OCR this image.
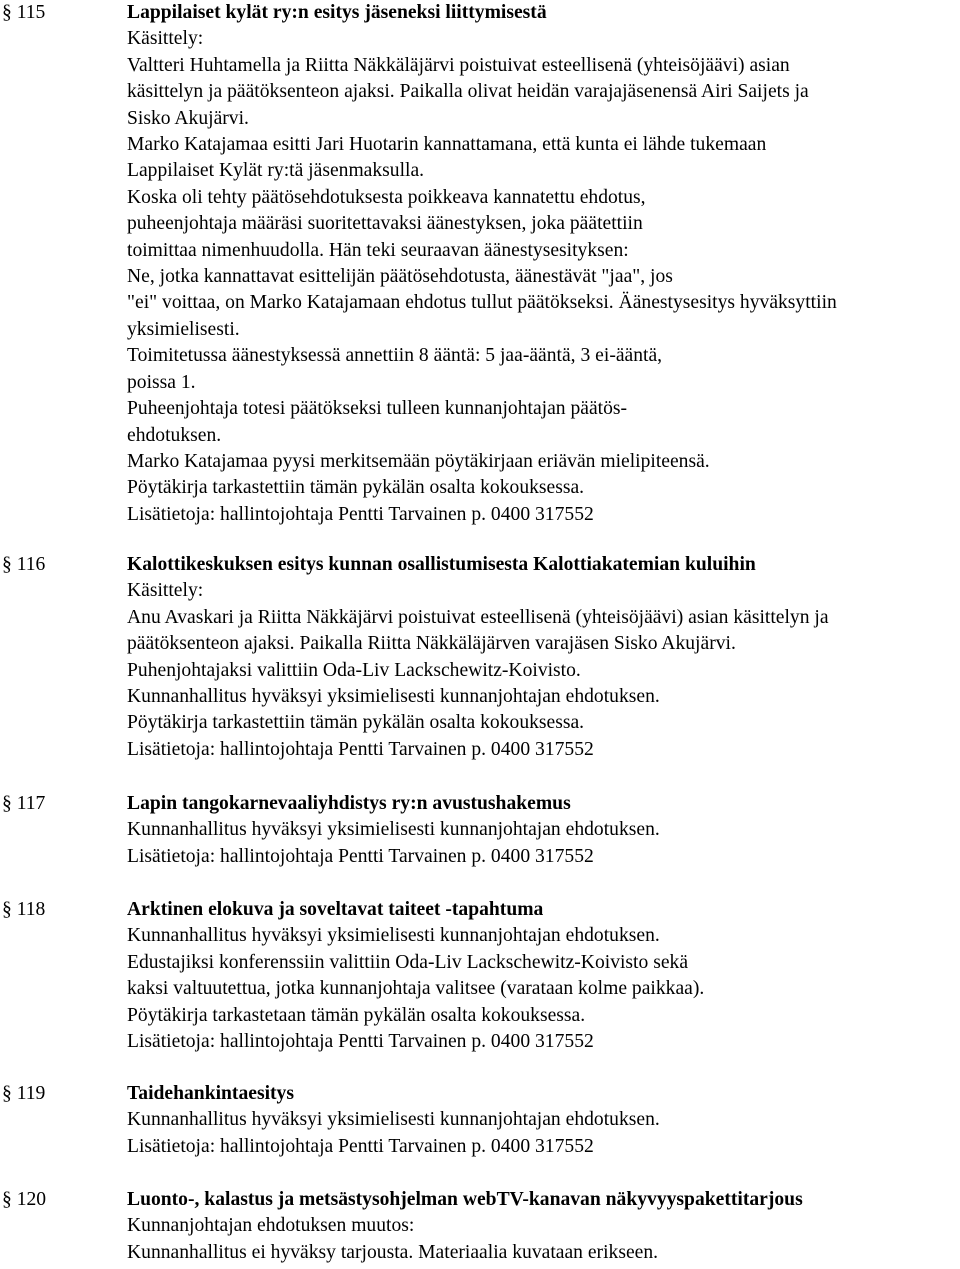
§ 115	Lappilaiset kylät ry:n esitys jäseneksi liittymisestä
Käsittely:
Valtteri Huhtamella ja Riitta Näkkäläjärvi poistuivat esteellisenä (yhteisöjäävi) asian
käsittelyn ja päätöksenteon ajaksi. Paikalla olivat heidän varajajäsenensä Airi Saijets ja
Sisko Akujärvi.
Marko Katajamaa esitti Jari Huotarin kannattamana, että kunta ei lähde tukemaan
Lappilaiset Kylät ry:tä jäsenmaksulla.
Koska oli tehty päätösehdotuksesta poikkeava kannatettu ehdotus,
puheenjohtaja määräsi suoritettavaksi äänestyksen, joka päätettiin
toimittaa nimenhuudolla. Hän teki seuraavan äänestysesityksen:
Ne, jotka kannattavat esittelijän päätösehdotusta, äänestävät "jaa", jos
"ei" voittaa, on Marko Katajamaan ehdotus tullut päätökseksi. Äänestysesitys hyväksyttiin
yksimielisesti.
Toimitetussa äänestyksessä annettiin 8 ääntä: 5 jaa-ääntä, 3 ei-ääntä,
poissa 1.
Puheenjohtaja totesi päätökseksi tulleen kunnanjohtajan päätös-
ehdotuksen.
Marko Katajamaa pyysi merkitsemään pöytäkirjaan eriävän mielipiteensä.
Pöytäkirja tarkastettiin tämän pykälän osalta kokouksessa.
Lisätietoja: hallintojohtaja Pentti Tarvainen p. 0400 317552
§ 116	Kalottikeskuksen esitys kunnan osallistumisesta Kalottiakatemian kuluihin
Käsittely:
Anu Avaskari ja Riitta Näkkäjärvi poistuivat esteellisenä (yhteisöjäävi) asian käsittelyn ja
päätöksenteon ajaksi. Paikalla Riitta Näkkäläjärven varajäsen Sisko Akujärvi.
Puhenjohtajaksi valittiin Oda-Liv Lackschewitz-Koivisto.
Kunnanhallitus hyväksyi yksimielisesti kunnanjohtajan ehdotuksen.
Pöytäkirja tarkastettiin tämän pykälän osalta kokouksessa.
Lisätietoja: hallintojohtaja Pentti Tarvainen p. 0400 317552
§ 117	Lapin tangokarnevaaliyhdistys ry:n avustushakemus
Kunnanhallitus hyväksyi yksimielisesti kunnanjohtajan ehdotuksen.
Lisätietoja: hallintojohtaja Pentti Tarvainen p. 0400 317552
§ 118	Arktinen elokuva ja soveltavat taiteet -tapahtuma
Kunnanhallitus hyväksyi yksimielisesti kunnanjohtajan ehdotuksen.
Edustajiksi konferenssiin valittiin Oda-Liv Lackschewitz-Koivisto sekä
kaksi valtuutettua, jotka kunnanjohtaja valitsee (varataan kolme paikkaa).
Pöytäkirja tarkastetaan tämän pykälän osalta kokouksessa.
Lisätietoja: hallintojohtaja Pentti Tarvainen p. 0400 317552
§ 119	Taidehankintaesitys
Kunnanhallitus hyväksyi yksimielisesti kunnanjohtajan ehdotuksen.
Lisätietoja: hallintojohtaja Pentti Tarvainen p. 0400 317552
§ 120	Luonto-, kalastus ja metsästysohjelman webTV-kanavan näkyvyyspakettitarjous
Kunnanjohtajan ehdotuksen muutos:
Kunnanhallitus ei hyväksy tarjousta. Materiaalia kuvataan erikseen.
